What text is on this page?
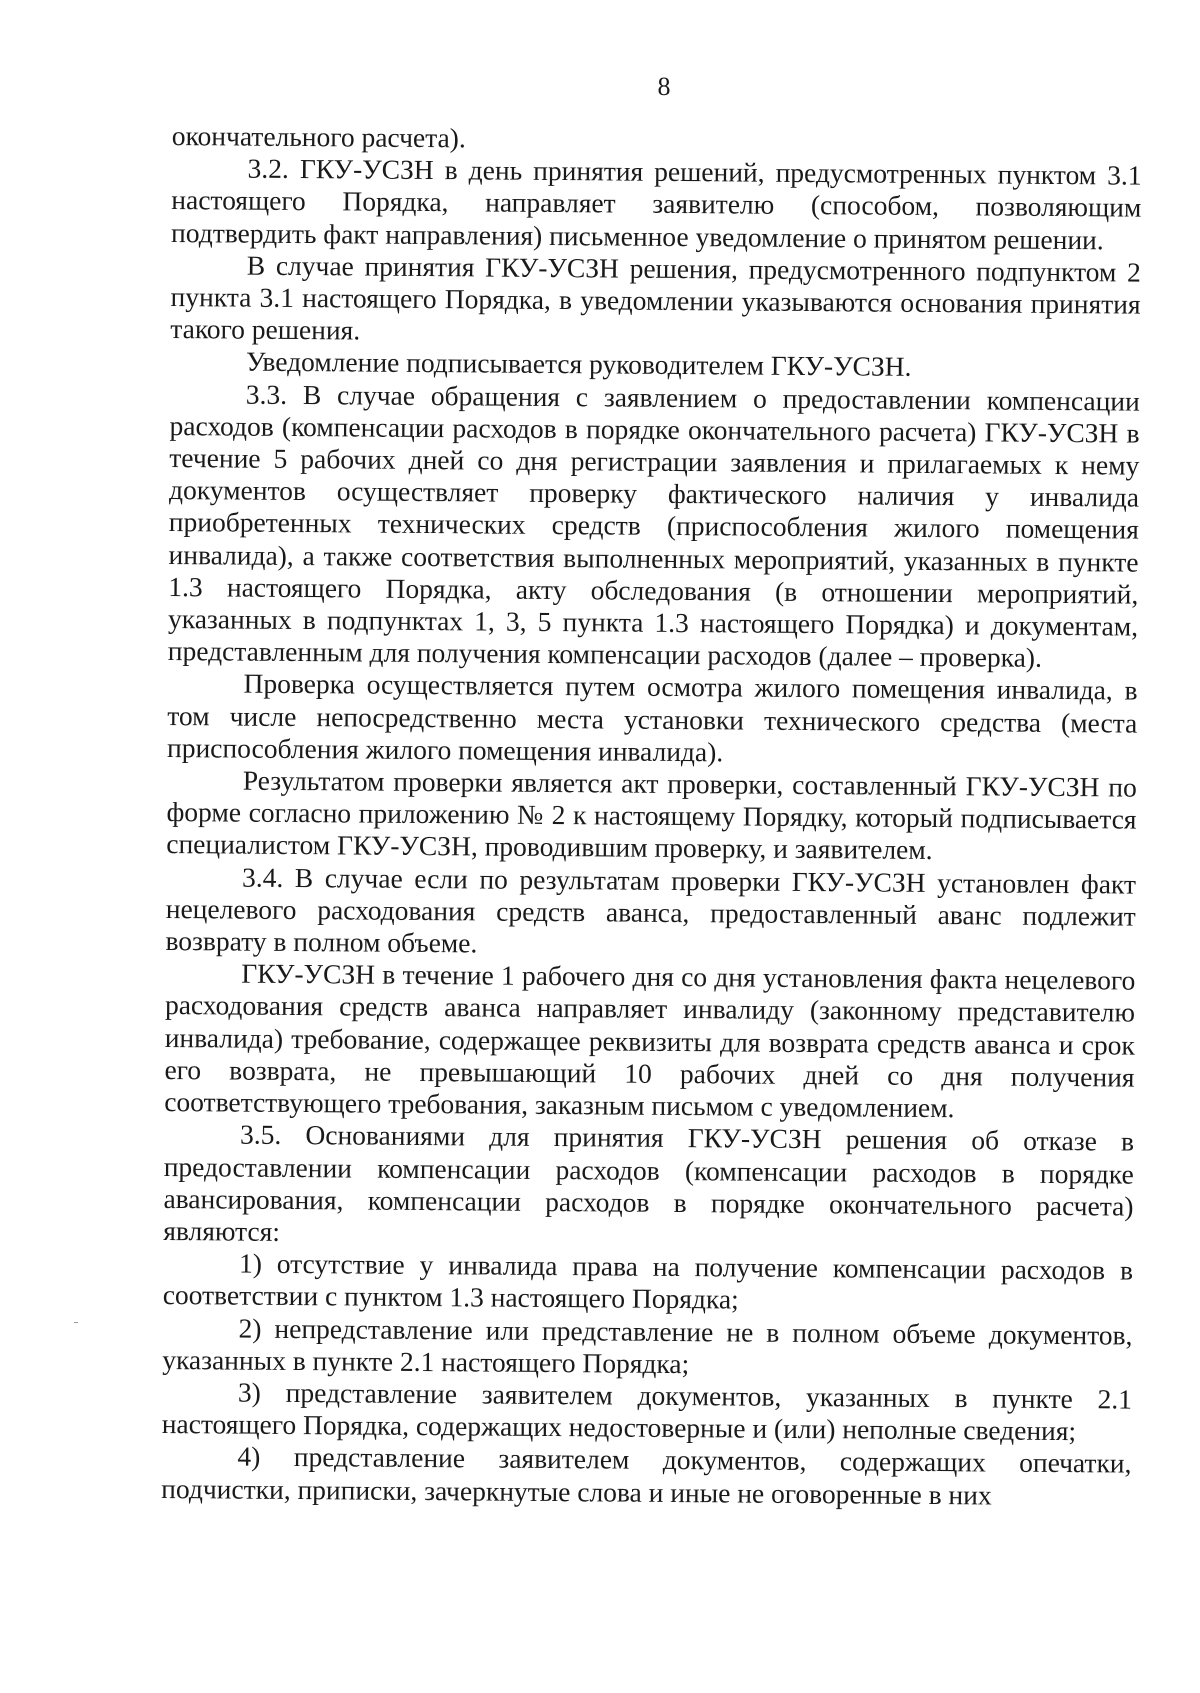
8

окончательного расчета).

3.2. ГКУ-УСЗН в день принятия решений, предусмотренных пунктом 3.1 настоящего Порядка, направляет заявителю (способом, позволяющим подтвердить факт направления) письменное уведомление о принятом решении.

В случае принятия ГКУ-УСЗН решения, предусмотренного подпунктом 2 пункта 3.1 настоящего Порядка, в уведомлении указываются основания принятия такого решения.

Уведомление подписывается руководителем ГКУ-УСЗН.

3.3. В случае обращения с заявлением о предоставлении компенсации расходов (компенсации расходов в порядке окончательного расчета) ГКУ-УСЗН в течение 5 рабочих дней со дня регистрации заявления и прилагаемых к нему документов осуществляет проверку фактического наличия у инвалида приобретенных технических средств (приспособления жилого помещения инвалида), а также соответствия выполненных мероприятий, указанных в пункте 1.3 настоящего Порядка, акту обследования (в отношении мероприятий, указанных в подпунктах 1, 3, 5 пункта 1.3 настоящего Порядка) и документам, представленным для получения компенсации расходов (далее – проверка).

Проверка осуществляется путем осмотра жилого помещения инвалида, в том числе непосредственно места установки технического средства (места приспособления жилого помещения инвалида).

Результатом проверки является акт проверки, составленный ГКУ-УСЗН по форме согласно приложению № 2 к настоящему Порядку, который подписывается специалистом ГКУ-УСЗН, проводившим проверку, и заявителем.

3.4. В случае если по результатам проверки ГКУ-УСЗН установлен факт нецелевого расходования средств аванса, предоставленный аванс подлежит возврату в полном объеме.

ГКУ-УСЗН в течение 1 рабочего дня со дня установления факта нецелевого расходования средств аванса направляет инвалиду (законному представителю инвалида) требование, содержащее реквизиты для возврата средств аванса и срок его возврата, не превышающий 10 рабочих дней со дня получения соответствующего требования, заказным письмом с уведомлением.

3.5. Основаниями для принятия ГКУ-УСЗН решения об отказе в предоставлении компенсации расходов (компенсации расходов в порядке авансирования, компенсации расходов в порядке окончательного расчета) являются:

1) отсутствие у инвалида права на получение компенсации расходов в соответствии с пунктом 1.3 настоящего Порядка;

2) непредставление или представление не в полном объеме документов, указанных в пункте 2.1 настоящего Порядка;

3) представление заявителем документов, указанных в пункте 2.1 настоящего Порядка, содержащих недостоверные и (или) неполные сведения;

4) представление заявителем документов, содержащих опечатки, подчистки, приписки, зачеркнутые слова и иные не оговоренные в них
